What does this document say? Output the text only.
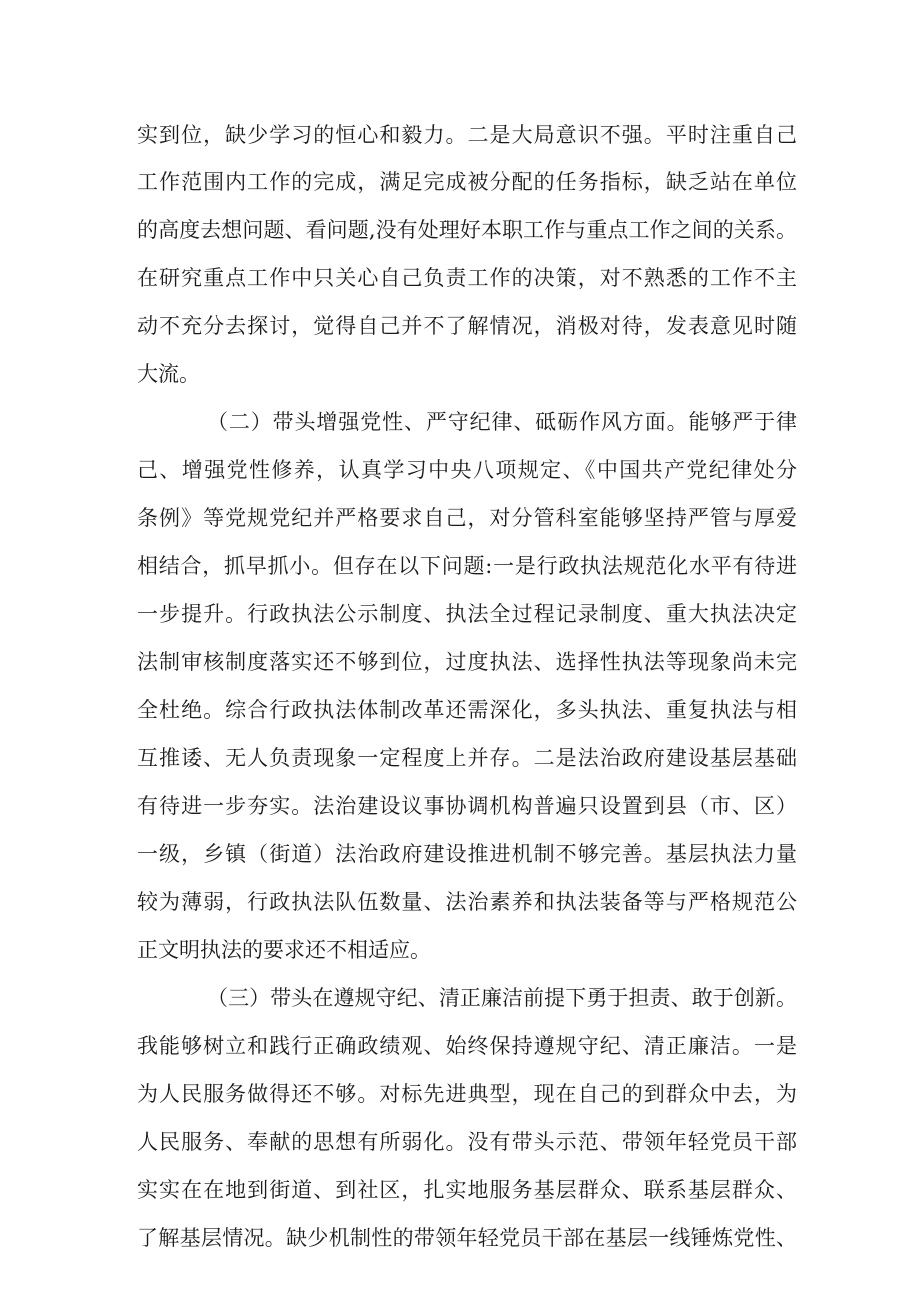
实到位，缺少学习的恒心和毅力。二是大局意识不强。平时注重自己
工作范围内工作的完成，满足完成被分配的任务指标，缺乏站在单位
的高度去想问题、看问题,没有处理好本职工作与重点工作之间的关系。
在研究重点工作中只关心自己负责工作的决策，对不熟悉的工作不主
动不充分去探讨，觉得自己并不了解情况，消极对待，发表意见时随
大流。
（二）带头增强党性、严守纪律、砥砺作风方面。能够严于律
己、增强党性修养，认真学习中央八项规定、《中国共产党纪律处分
条例》等党规党纪并严格要求自己，对分管科室能够坚持严管与厚爱
相结合，抓早抓小。但存在以下问题:一是行政执法规范化水平有待进
一步提升。行政执法公示制度、执法全过程记录制度、重大执法决定
法制审核制度落实还不够到位，过度执法、选择性执法等现象尚未完
全杜绝。综合行政执法体制改革还需深化，多头执法、重复执法与相
互推诿、无人负责现象一定程度上并存。二是法治政府建设基层基础
有待进一步夯实。法治建设议事协调机构普遍只设置到县（市、区）
一级，乡镇（街道）法治政府建设推进机制不够完善。基层执法力量
较为薄弱，行政执法队伍数量、法治素养和执法装备等与严格规范公
正文明执法的要求还不相适应。
（三）带头在遵规守纪、清正廉洁前提下勇于担责、敢于创新。
我能够树立和践行正确政绩观、始终保持遵规守纪、清正廉洁。一是
为人民服务做得还不够。对标先进典型，现在自己的到群众中去，为
人民服务、奉献的思想有所弱化。没有带头示范、带领年轻党员干部
实实在在地到街道、到社区，扎实地服务基层群众、联系基层群众、
了解基层情况。缺少机制性的带领年轻党员干部在基层一线锤炼党性、
